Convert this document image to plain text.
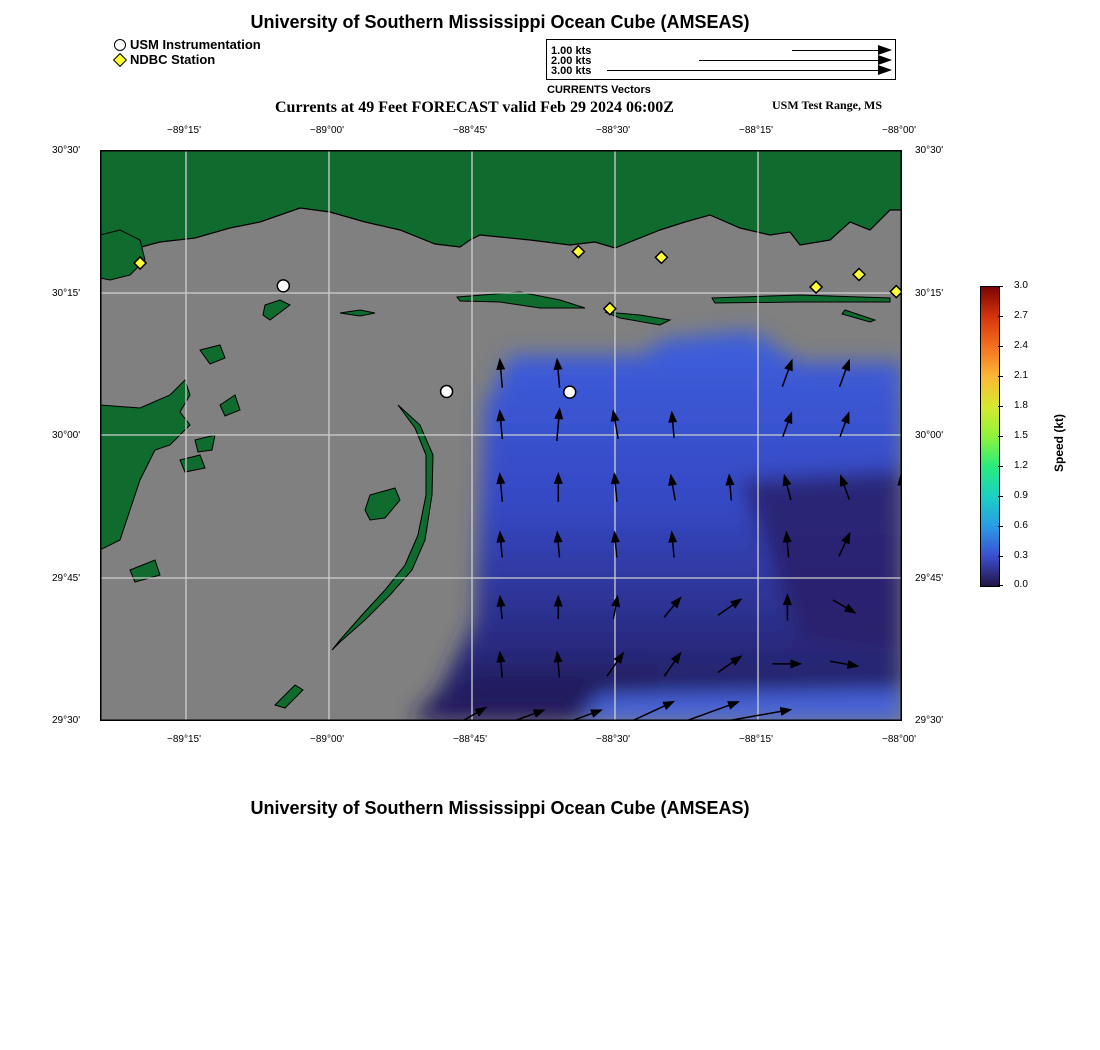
University of Southern Mississippi Ocean Cube (AMSEAS)
USM Instrumentation
NDBC Station
1.00 kts
2.00 kts
3.00 kts
CURRENTS Vectors
Currents at 49 Feet FORECAST valid Feb 29 2024 06:00Z	USM Test Range, MS
−89°15'	−89°00'	−88°45'	−88°30'	−88°15'	−88°00'
−89°15'	−89°00'	−88°45'	−88°30'	−88°15'	−88°00'
30°30'
30°15'
30°00'
29°45'
29°30'
30°30'
30°15'
30°00'
29°45'
29°30'
3.0
2.7
2.4
2.1
1.8
1.5
1.2
0.9
0.6
0.3
0.0
Speed (kt)
University of Southern Mississippi Ocean Cube (AMSEAS)
